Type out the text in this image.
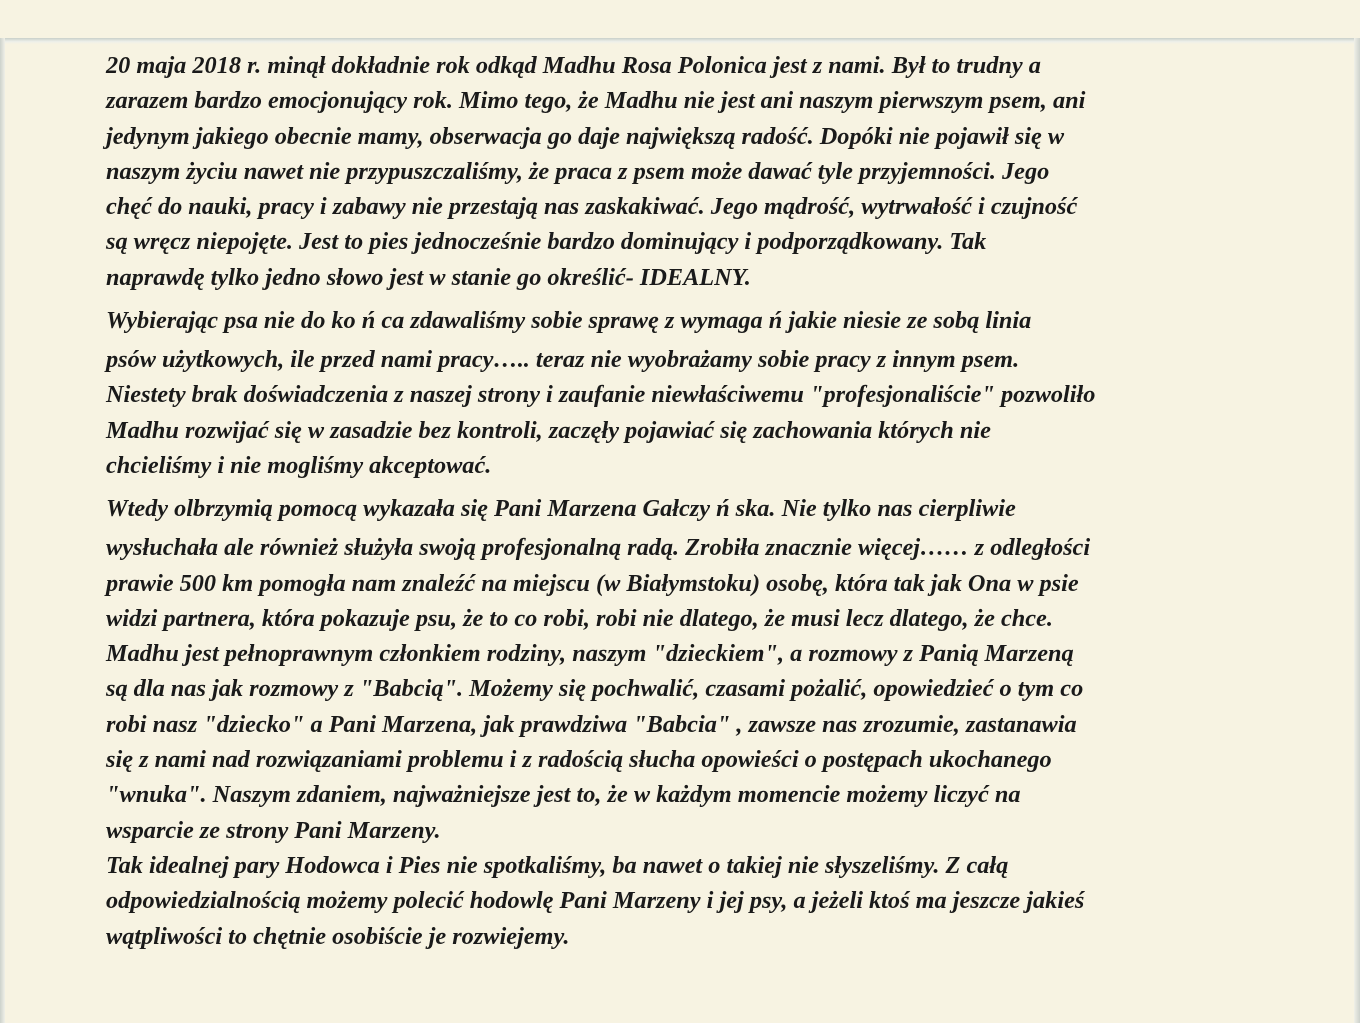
20 maja 2018 r. minął dokładnie rok odkąd Madhu Rosa Polonica jest z nami. Był to trudny a
zarazem bardzo emocjonujący rok. Mimo tego, że Madhu nie jest ani naszym pierwszym psem, ani
jedynym jakiego obecnie mamy, obserwacja go daje największą radość. Dopóki nie pojawił się w
naszym życiu nawet nie przypuszczaliśmy, że praca z psem może dawać tyle przyjemności. Jego
chęć do nauki, pracy i zabawy nie przestają nas zaskakiwać. Jego mądrość, wytrwałość i czujność
są wręcz niepojęte. Jest to pies jednocześnie bardzo dominujący i podporządkowany. Tak
naprawdę tylko jedno słowo jest w stanie go określić- IDEALNY.

Wybierając psa nie do ko ń ca zdawaliśmy sobie sprawę z wymaga ń jakie niesie ze sobą linia
psów użytkowych, ile przed nami pracy….. teraz nie wyobrażamy sobie pracy z innym psem.
Niestety brak doświadczenia z naszej strony i zaufanie niewłaściwemu "profesjonaliście" pozwoliło
Madhu rozwijać się w zasadzie bez kontroli, zaczęły pojawiać się zachowania których nie
chcieliśmy i nie mogliśmy akceptować.

Wtedy olbrzymią pomocą wykazała się Pani Marzena Gałczy ń ska. Nie tylko nas cierpliwie
wysłuchała ale również służyła swoją profesjonalną radą. Zrobiła znacznie więcej…… z odległości
prawie 500 km pomogła nam znaleźć na miejscu (w Białymstoku) osobę, która tak jak Ona w psie
widzi partnera, która pokazuje psu, że to co robi, robi nie dlatego, że musi lecz dlatego, że chce.
Madhu jest pełnoprawnym członkiem rodziny, naszym "dzieckiem", a rozmowy z Panią Marzeną
są dla nas jak rozmowy z "Babcią". Możemy się pochwalić, czasami pożalić, opowiedzieć o tym co
robi nasz "dziecko" a Pani Marzena, jak prawdziwa "Babcia" , zawsze nas zrozumie, zastanawia
się z nami nad rozwiązaniami problemu i z radością słucha opowieści o postępach ukochanego
"wnuka". Naszym zdaniem, najważniejsze jest to, że w każdym momencie możemy liczyć na
wsparcie ze strony Pani Marzeny.
Tak idealnej pary Hodowca i Pies nie spotkaliśmy, ba nawet o takiej nie słyszeliśmy. Z całą
odpowiedzialnością możemy polecić hodowlę Pani Marzeny i jej psy, a jeżeli ktoś ma jeszcze jakieś
wątpliwości to chętnie osobiście je rozwiejemy.
